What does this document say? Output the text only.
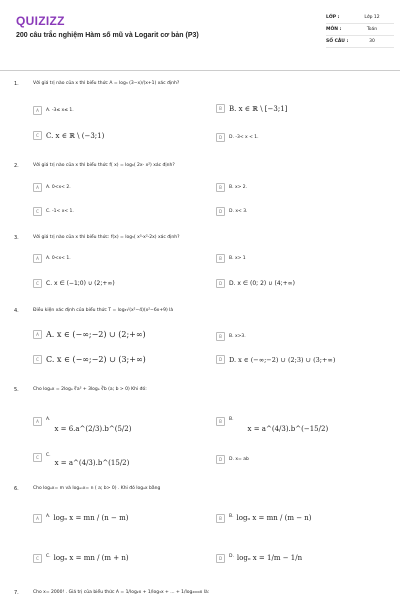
QUIZIZZ
200 câu trắc nghiệm Hàm số mũ và Logarit cơ bản (P3)
LỚP :	Lớp 12
MÔN :	Toán
SỐ CÂU :	30
1.	Với giá trị nào của x thì biểu thức A = log₃ (3−x)/(x+1) xác định?
A	A. -3≤ x≤ 1.	B	B. x ∈ ℝ \ [−3;1]
C	C. x ∈ ℝ \ (−3;1)	D	D. -3< x < 1.
2.	Với giá trị nào của x thì biểu thức f( x) = log₆( 2x- x²) xác định?
A	A. 0<x< 2.	B	B. x> 2.
C	C. -1< x< 1.	D	D. x< 3.
3.	Với giá trị nào của x thì biểu thức: f(x) = log₅( x³-x²-2x) xác định?
A	A. 0<x< 1.	B	B. x> 1
C	C. x ∈ (−1;0) ∪ (2;+∞)	D	D. x ∈ (0; 2) ∪ (4;+∞)
4.	Điều kiện xác định của biểu thức T = log₃√(x²−4)(x²−6x+9) là
A A. x ∈ (−∞;−2) ∪ (2;+∞)	B	B. x>3.
C C. x ∈ (−∞;−2) ∪ (3;+∞)	D	D. x ∈ (−∞;−2) ∪ (2;3) ∪ (3;+∞)
5.	Cho logₐx = 2logₐ ∜a³ + 3logₐ ∛b (a; b > 0) Khi đó:
A	A.
x = 6.a^(2/3).b^(5/2)
B	B.
x = a^(4/3).b^(−15/2)
C	C.
x = a^(4/3).b^(15/2)	D	D. x= ab
6.	Cho logₐx= m và logₐₙx= n ( a; b> 0) . Khi đó logₐx bằng
A	A. logₒ x = mn / (n − m)	B	B. logₒ x = mn / (m − n)
C	C. logₒ x = mn / (m + n)	D	D. logₒ x = 1/m − 1/n
7.	Cho x= 2000! . Giá trị của biểu thức A = 1/log₂x + 1/log₃x + ... + 1/log₂₀₀₀x là:
